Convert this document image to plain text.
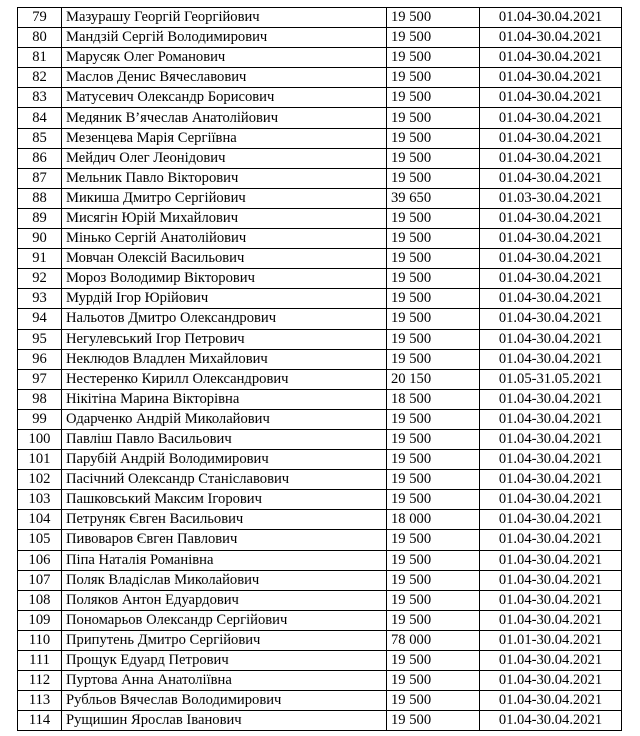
79	Мазурашу Георгій Георгійович	19 500	01.04-30.04.2021
80	Мандзій Сергій Володимирович	19 500	01.04-30.04.2021
81	Марусяк Олег Романович	19 500	01.04-30.04.2021
82	Маслов Денис Вячеславович	19 500	01.04-30.04.2021
83	Матусевич Олександр Борисович	19 500	01.04-30.04.2021
84	Медяник В’ячеслав Анатолійович	19 500	01.04-30.04.2021
85	Мезенцева Марія Сергіївна	19 500	01.04-30.04.2021
86	Мейдич Олег Леонідович	19 500	01.04-30.04.2021
87	Мельник Павло Вікторович	19 500	01.04-30.04.2021
88	Микиша Дмитро Сергійович	39 650	01.03-30.04.2021
89	Мисягін Юрій Михайлович	19 500	01.04-30.04.2021
90	Мінько Сергій Анатолійович	19 500	01.04-30.04.2021
91	Мовчан Олексій Васильович	19 500	01.04-30.04.2021
92	Мороз Володимир Вікторович	19 500	01.04-30.04.2021
93	Мурдій Ігор Юрійович	19 500	01.04-30.04.2021
94	Нальотов Дмитро Олександрович	19 500	01.04-30.04.2021
95	Негулевський Ігор Петрович	19 500	01.04-30.04.2021
96	Неклюдов Владлен Михайлович	19 500	01.04-30.04.2021
97	Нестеренко Кирилл Олександрович	20 150	01.05-31.05.2021
98	Нікітіна Марина Вікторівна	18 500	01.04-30.04.2021
99	Одарченко Андрій Миколайович	19 500	01.04-30.04.2021
100	Павліш Павло Васильович	19 500	01.04-30.04.2021
101	Парубій Андрій Володимирович	19 500	01.04-30.04.2021
102	Пасічний Олександр Станіславович	19 500	01.04-30.04.2021
103	Пашковський Максим Ігорович	19 500	01.04-30.04.2021
104	Петруняк Євген Васильович	18 000	01.04-30.04.2021
105	Пивоваров Євген Павлович	19 500	01.04-30.04.2021
106	Піпа Наталія Романівна	19 500	01.04-30.04.2021
107	Поляк Владіслав Миколайович	19 500	01.04-30.04.2021
108	Поляков Антон Едуардович	19 500	01.04-30.04.2021
109	Пономарьов Олександр Сергійович	19 500	01.04-30.04.2021
110	Припутень Дмитро Сергійович	78 000	01.01-30.04.2021
111	Прощук Едуард Петрович	19 500	01.04-30.04.2021
112	Пуртова Анна Анатоліївна	19 500	01.04-30.04.2021
113	Рубльов Вячеслав Володимирович	19 500	01.04-30.04.2021
114	Рущишин Ярослав Іванович	19 500	01.04-30.04.2021
